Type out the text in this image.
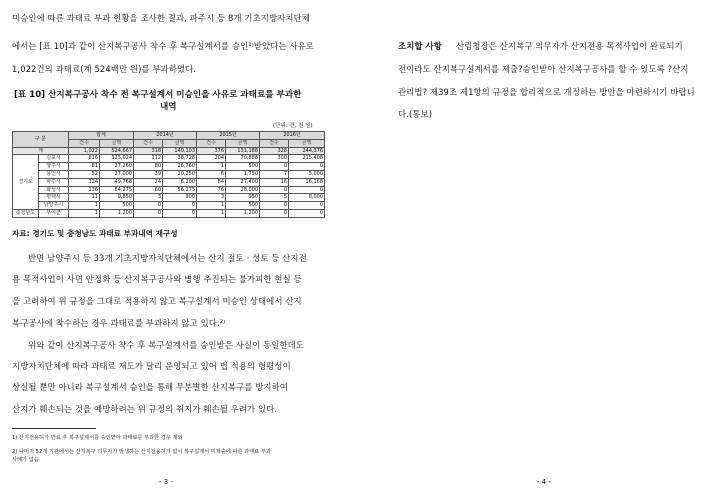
미승인에 따른 과태료 부과 현황을 조사한 결과, 파주시 등 8개 기초지방자치단체
에서는 [표 10]과 같이 산지복구공사 착수 후 복구설계서를 승인¹⁾받았다는 사유로
1,022건의 과태료(계 524백만 원)를 부과하였다.
[표 10] 산지복구공사 착수 전 복구설계서 미승인을 사유로 과태료를 부과한
내역
(단위: 건, 천 원)
구 분		합계		2014년		2015년		2016년	
		건수	금액	건수	금액	건수	금액	건수	금액
계		1,022	524,667	318	149,103	376	131,188	328	244,376
경기도	김포시	616	325,024	112	38,728	204	70,888	300	215,408
	양주시	81	27,260	80	26,760	1	500	0	0
	용인시	52	27,000	39	20,250	6	1,750	7	5,000
	파주시	124	49,768	24	6,200	84	27,400	16	16,168
	화성시	136	84,275	60	56,275	76	28,000	0	0
	평택시	11	9,850	3	900	3	950	5	8,000
	남양주시	1	500	0	0	1	500	0	0
충청남도	부여군	1	1,200	0	0	1	1,200	0	0
자료: 경기도 및 충청남도 과태료 부과내역 재구성
반면 남양주시 등 33개 기초지방자치단체에서는 산지 절토 · 성토 등 산지전
용 목적사업이 사면 안정화 등 산지복구공사와 병행 추진되는 불가피한 현실 등
을 고려하여 위 규정을 그대로 적용하지 않고 복구설계서 미승인 상태에서 산지
복구공사에 착수하는 경우 과태료를 부과하지 않고 있다.²⁾
위와 같이 산지복구공사 착수 후 복구설계서를 승인받은 사실이 동일한데도
지방자치단체에 따라 과태료 제도가 달리 운영되고 있어 법 적용의 형평성이
상실될 뿐만 아니라 복구설계서 승인을 통해 무분별한 산지복구를 방지하여
산지가 훼손되는 것을 예방하려는 위 규정의 취지가 훼손될 우려가 있다.
1) 산지전용허가 만료 후 복구설계서를 승인받아 과태료를 부과한 경우 제외
2) 나머지 52개 기관에서는 산지복구 의무자가 발생하는 산지전용허가 없이 복구설계서 미제출에 따른 과태료 부과
사례가 없음
- 3 -
조치할 사항 산림청장은 산지복구 의무자가 산지전용 목적사업이 완료되기
전이라도 산지복구설계서를 제출?승인받아 산지복구공사를 할 수 있도록 ?산지
관리법? 제39조 제1항의 규정을 합리적으로 개정하는 방안을 마련하시기 바랍니
다.(통보)
- 4 -
